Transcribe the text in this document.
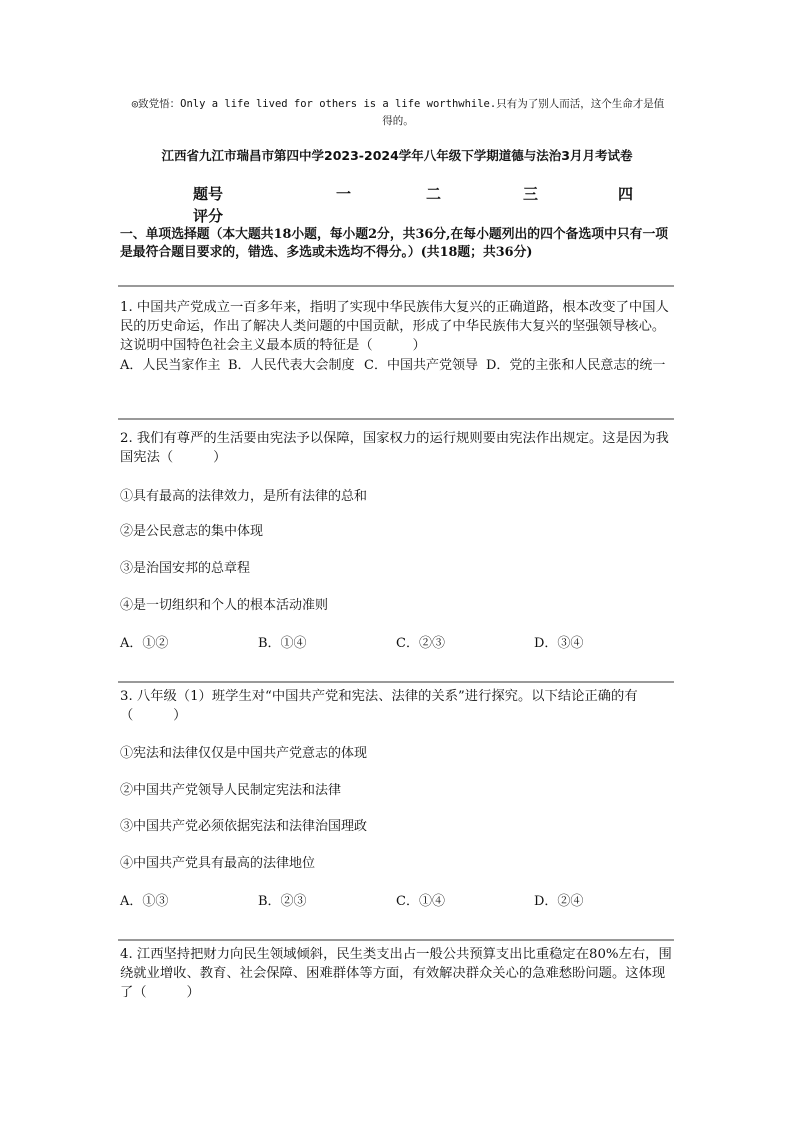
◎致党悟：Only a life lived for others is a life worthwhile.只有为了别人而活，这个生命才是值得的。
江西省九江市瑞昌市第四中学2023-2024学年八年级下学期道德与法治3月月考试卷
题号	一	二	三	四
评分
一、单项选择题（本大题共18小题，每小题2分，共36分,在每小题列出的四个备选项中只有一项是最符合题目要求的，错选、多选或未选均不得分。）(共18题；共36分)
1. 中国共产党成立一百多年来，指明了实现中华民族伟大复兴的正确道路，根本改变了中国人民的历史命运，作出了解决人类问题的中国贡献，形成了中华民族伟大复兴的坚强领导核心。这说明中国特色社会主义最本质的特征是（　　　）
A．人民当家作主 B．人民代表大会制度 C．中国共产党领导 D．党的主张和人民意志的统一
2. 我们有尊严的生活要由宪法予以保障，国家权力的运行规则要由宪法作出规定。这是因为我国宪法（　　　）
①具有最高的法律效力，是所有法律的总和
②是公民意志的集中体现
③是治国安邦的总章程
④是一切组织和个人的根本活动准则
A．①②	B．①④	C．②③	D．③④
3. 八年级（1）班学生对“中国共产党和宪法、法律的关系”进行探究。以下结论正确的有（　　　）
①宪法和法律仅仅是中国共产党意志的体现
②中国共产党领导人民制定宪法和法律
③中国共产党必须依据宪法和法律治国理政
④中国共产党具有最高的法律地位
A．①③	B．②③	C．①④	D．②④
4. 江西坚持把财力向民生领域倾斜，民生类支出占一般公共预算支出比重稳定在80%左右，围绕就业增收、教育、社会保障、困难群体等方面，有效解决群众关心的急难愁盼问题。这体现了（　　　）
